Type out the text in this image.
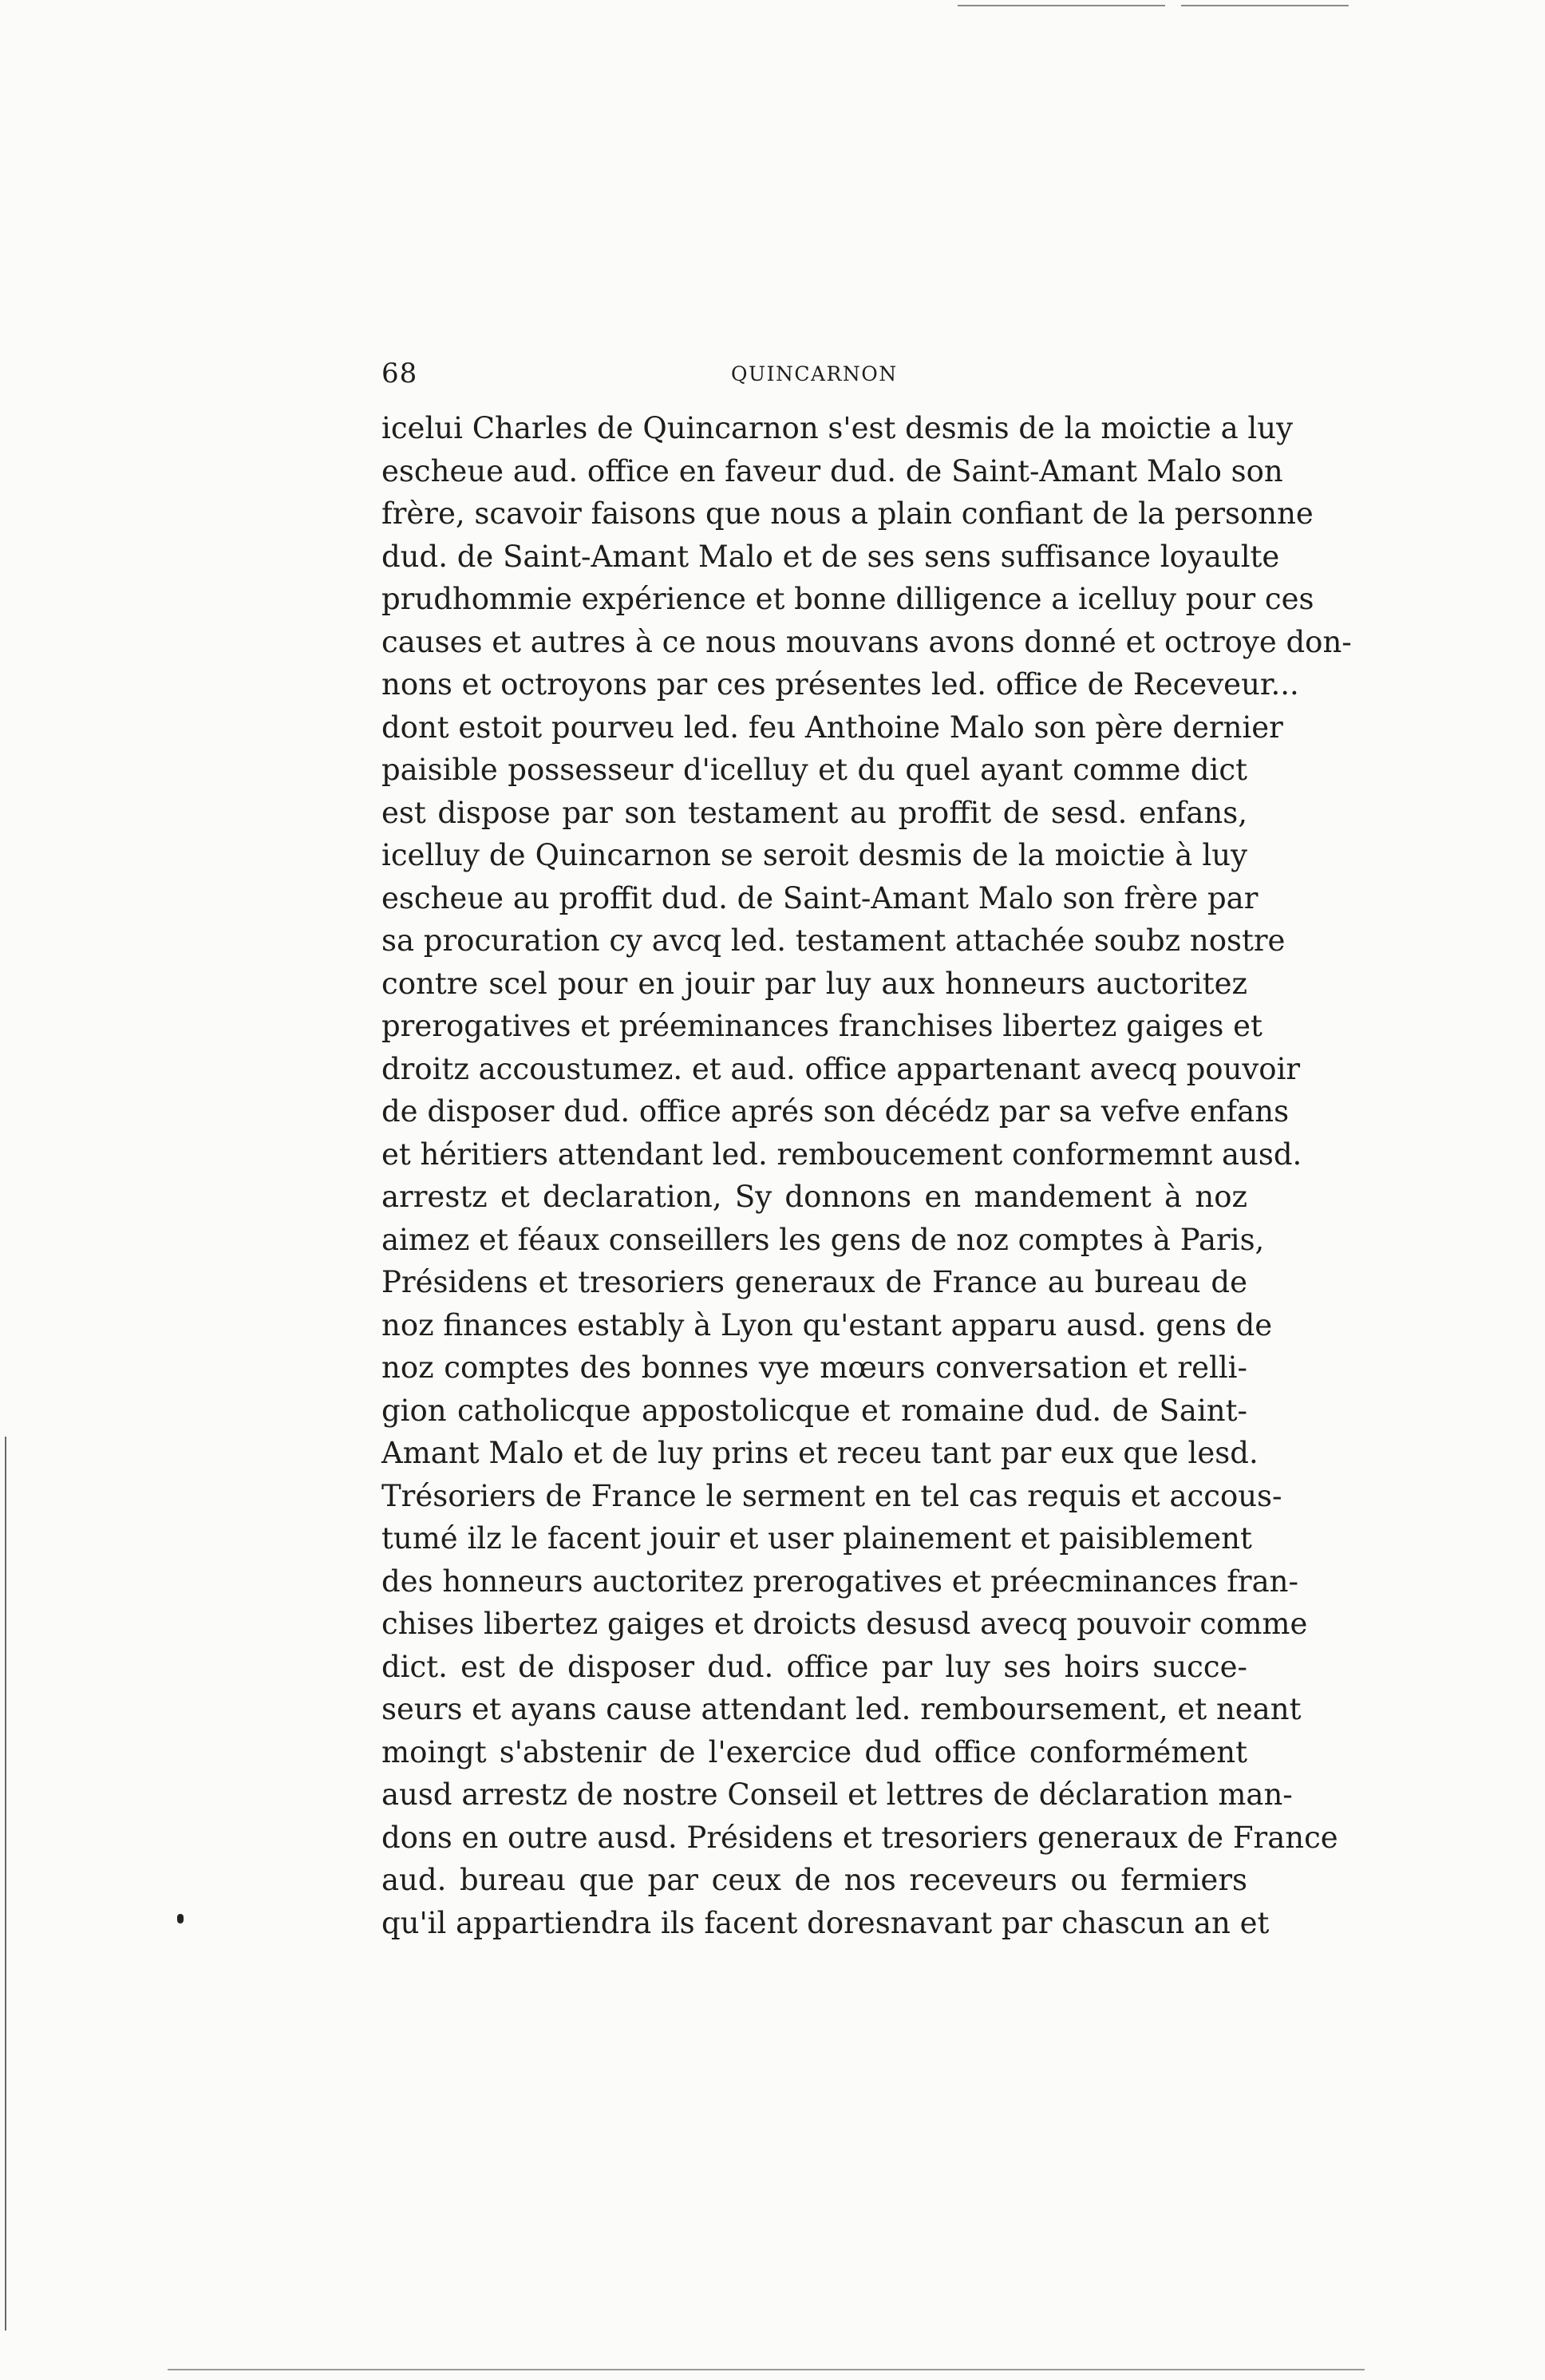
68	QUINCARNON
icelui Charles de Quincarnon s'est desmis de la moictie a luy
escheue aud. office en faveur dud. de Saint-Amant Malo son
frère, scavoir faisons que nous a plain confiant de la personne
dud. de Saint-Amant Malo et de ses sens suffisance loyaulte
prudhommie expérience et bonne dilligence a icelluy pour ces
causes et autres à ce nous mouvans avons donné et octroye don-
nons et octroyons par ces présentes led. office de Receveur...
dont estoit pourveu led. feu Anthoine Malo son père dernier
paisible possesseur d'icelluy et du quel ayant comme dict
est dispose par son testament au proffit de sesd. enfans,
icelluy de Quincarnon se seroit desmis de la moictie à luy
escheue au proffit dud. de Saint-Amant Malo son frère par
sa procuration cy avcq led. testament attachée soubz nostre
contre scel pour en jouir par luy aux honneurs auctoritez
prerogatives et préeminances franchises libertez gaiges et
droitz accoustumez. et aud. office appartenant avecq pouvoir
de disposer dud. office aprés son décédz par sa vefve enfans
et héritiers attendant led. remboucement conformemnt ausd.
arrestz et declaration, Sy donnons en mandement à noz
aimez et féaux conseillers les gens de noz comptes à Paris,
Présidens et tresoriers generaux de France au bureau de
noz finances estably à Lyon qu'estant apparu ausd. gens de
noz comptes des bonnes vye mœurs conversation et relli-
gion catholicque appostolicque et romaine dud. de Saint-
Amant Malo et de luy prins et receu tant par eux que lesd.
Trésoriers de France le serment en tel cas requis et accous-
tumé ilz le facent jouir et user plainement et paisiblement
des honneurs auctoritez prerogatives et préecminances fran-
chises libertez gaiges et droicts desusd avecq pouvoir comme
dict. est de disposer dud. office par luy ses hoirs succe-
seurs et ayans cause attendant led. remboursement, et neant
moingt s'abstenir de l'exercice dud office conformément
ausd arrestz de nostre Conseil et lettres de déclaration man-
dons en outre ausd. Présidens et tresoriers generaux de France
aud. bureau que par ceux de nos receveurs ou fermiers
qu'il appartiendra ils facent doresnavant par chascun an et
